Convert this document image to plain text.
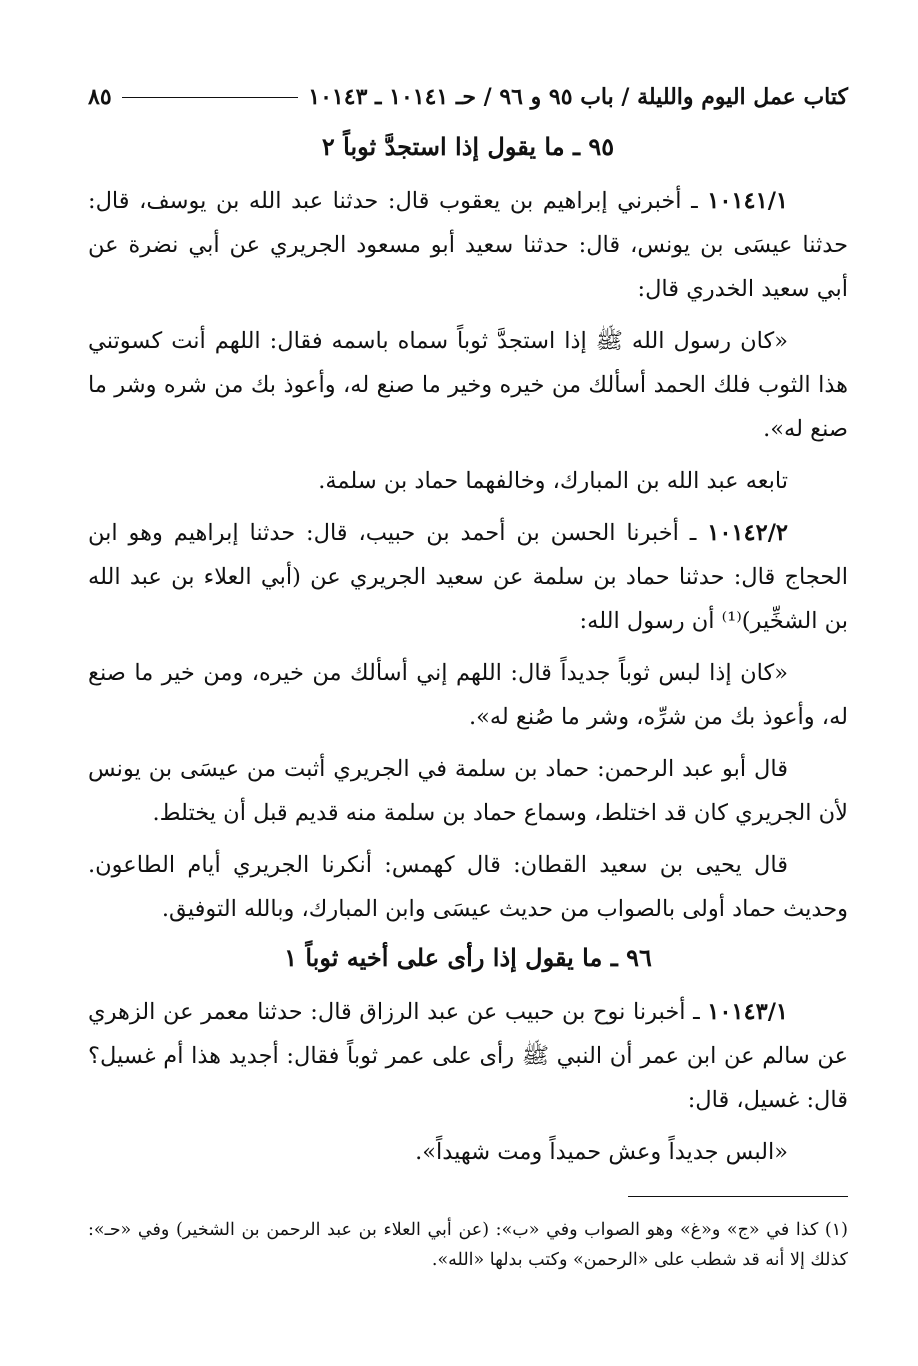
كتاب عمل اليوم والليلة / باب ٩٥ و ٩٦ / حـ ١٠١٤١ ـ ١٠١٤٣
٨٥
٩٥ ـ ما يقول إذا استجدَّ ثوباً ٢

١٠١٤١/١ ـ أخبرني إبراهيم بن يعقوب قال: حدثنا عبد الله بن يوسف، قال: حدثنا عيسَى بن يونس، قال: حدثنا سعيد أبو مسعود الجريري عن أبي نضرة عن أبي سعيد الخدري قال:

«كان رسول الله ﷺ إذا استجدَّ ثوباً سماه باسمه فقال: اللهم أنت كسوتني هذا الثوب فلك الحمد أسألك من خيره وخير ما صنع له، وأعوذ بك من شره وشر ما صنع له».

تابعه عبد الله بن المبارك، وخالفهما حماد بن سلمة.

١٠١٤٢/٢ ـ أخبرنا الحسن بن أحمد بن حبيب، قال: حدثنا إبراهيم وهو ابن الحجاج قال: حدثنا حماد بن سلمة عن سعيد الجريري عن (أبي العلاء بن عبد الله بن الشخِّير)⁽¹⁾ أن رسول الله:

«كان إذا لبس ثوباً جديداً قال: اللهم إني أسألك من خيره، ومن خير ما صنع له، وأعوذ بك من شرِّه، وشر ما صُنع له».

قال أبو عبد الرحمن: حماد بن سلمة في الجريري أثبت من عيسَى بن يونس لأن الجريري كان قد اختلط، وسماع حماد بن سلمة منه قديم قبل أن يختلط.

قال يحيى بن سعيد القطان: قال كهمس: أنكرنا الجريري أيام الطاعون. وحديث حماد أولى بالصواب من حديث عيسَى وابن المبارك، وبالله التوفيق.

٩٦ ـ ما يقول إذا رأى على أخيه ثوباً ١

١٠١٤٣/١ ـ أخبرنا نوح بن حبيب عن عبد الرزاق قال: حدثنا معمر عن الزهري عن سالم عن ابن عمر أن النبي ﷺ رأى على عمر ثوباً فقال: أجديد هذا أم غسيل؟ قال: غسيل، قال:

«البس جديداً وعش حميداً ومت شهيداً».

(١) كذا في «ج» و«غ» وهو الصواب وفي «ب»: (عن أبي العلاء بن عبد الرحمن بن الشخير) وفي «حـ»: كذلك إلا أنه قد شطب على «الرحمن» وكتب بدلها «الله».
